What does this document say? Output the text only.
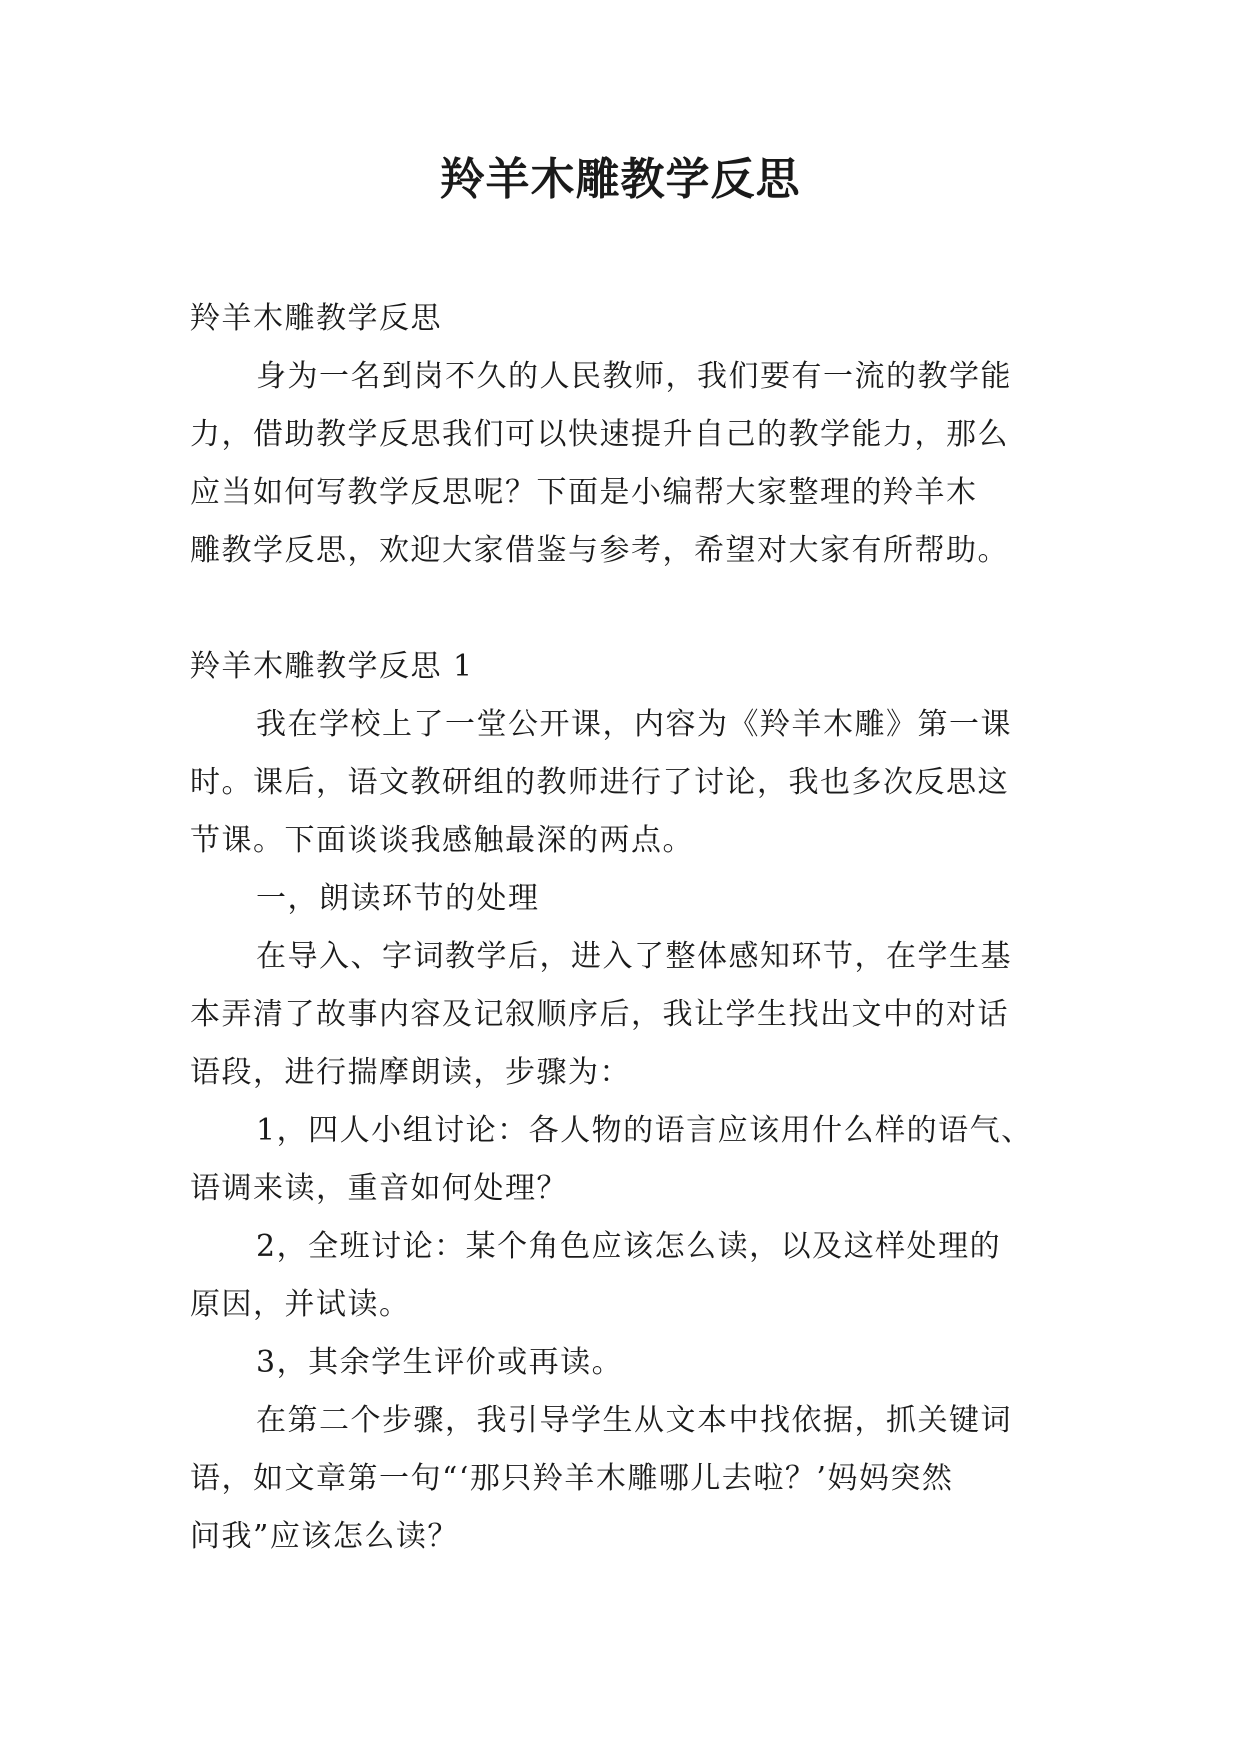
羚羊木雕教学反思
羚羊木雕教学反思
身为一名到岗不久的人民教师，我们要有一流的教学能
力，借助教学反思我们可以快速提升自己的教学能力，那么
应当如何写教学反思呢？下面是小编帮大家整理的羚羊木
雕教学反思，欢迎大家借鉴与参考，希望对大家有所帮助。
羚羊木雕教学反思 1
我在学校上了一堂公开课，内容为《羚羊木雕》第一课
时。课后，语文教研组的教师进行了讨论，我也多次反思这
节课。下面谈谈我感触最深的两点。
一，朗读环节的处理
在导入、字词教学后，进入了整体感知环节，在学生基
本弄清了故事内容及记叙顺序后，我让学生找出文中的对话
语段，进行揣摩朗读，步骤为：
1，四人小组讨论：各人物的语言应该用什么样的语气、
语调来读，重音如何处理？
2，全班讨论：某个角色应该怎么读，以及这样处理的
原因，并试读。
3，其余学生评价或再读。
在第二个步骤，我引导学生从文本中找依据，抓关键词
语，如文章第一句“‘那只羚羊木雕哪儿去啦？’妈妈突然
问我”应该怎么读？
